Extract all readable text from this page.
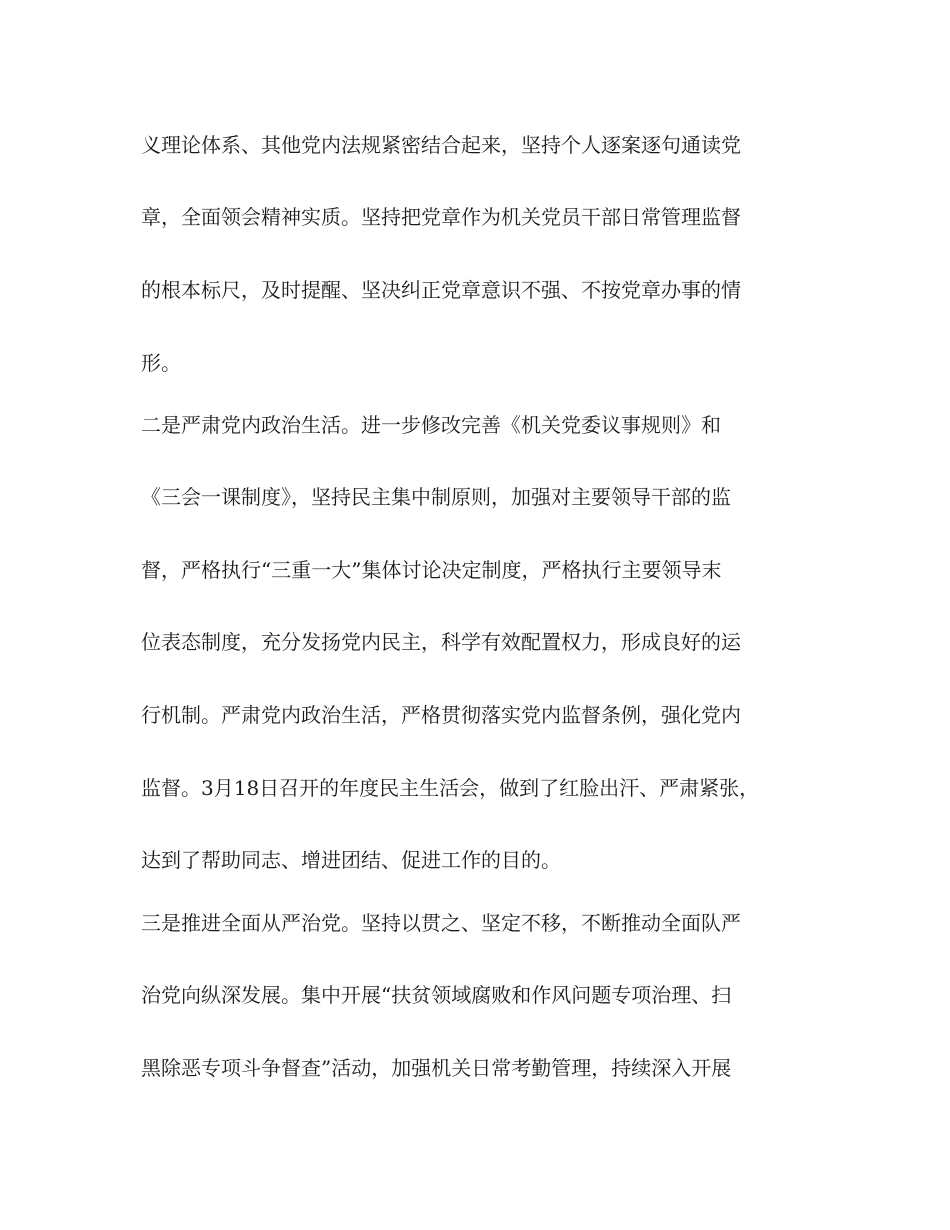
义理论体系、其他党内法规紧密结合起来，坚持个人逐案逐句通读党
章，全面领会精神实质。坚持把党章作为机关党员干部日常管理监督
的根本标尺，及时提醒、坚决纠正党章意识不强、不按党章办事的情
形。
二是严肃党内政治生活。进一步修改完善《机关党委议事规则》和
《三会一课制度》，坚持民主集中制原则，加强对主要领导干部的监
督，严格执行“三重一大”集体讨论决定制度，严格执行主要领导末
位表态制度，充分发扬党内民主，科学有效配置权力，形成良好的运
行机制。严肃党内政治生活，严格贯彻落实党内监督条例，强化党内
监督。3月18日召开的年度民主生活会，做到了红脸出汗、严肃紧张，
达到了帮助同志、增进团结、促进工作的目的。
三是推进全面从严治党。坚持以贯之、坚定不移，不断推动全面队严
治党向纵深发展。集中开展“扶贫领域腐败和作风问题专项治理、扫
黑除恶专项斗争督查”活动，加强机关日常考勤管理，持续深入开展
